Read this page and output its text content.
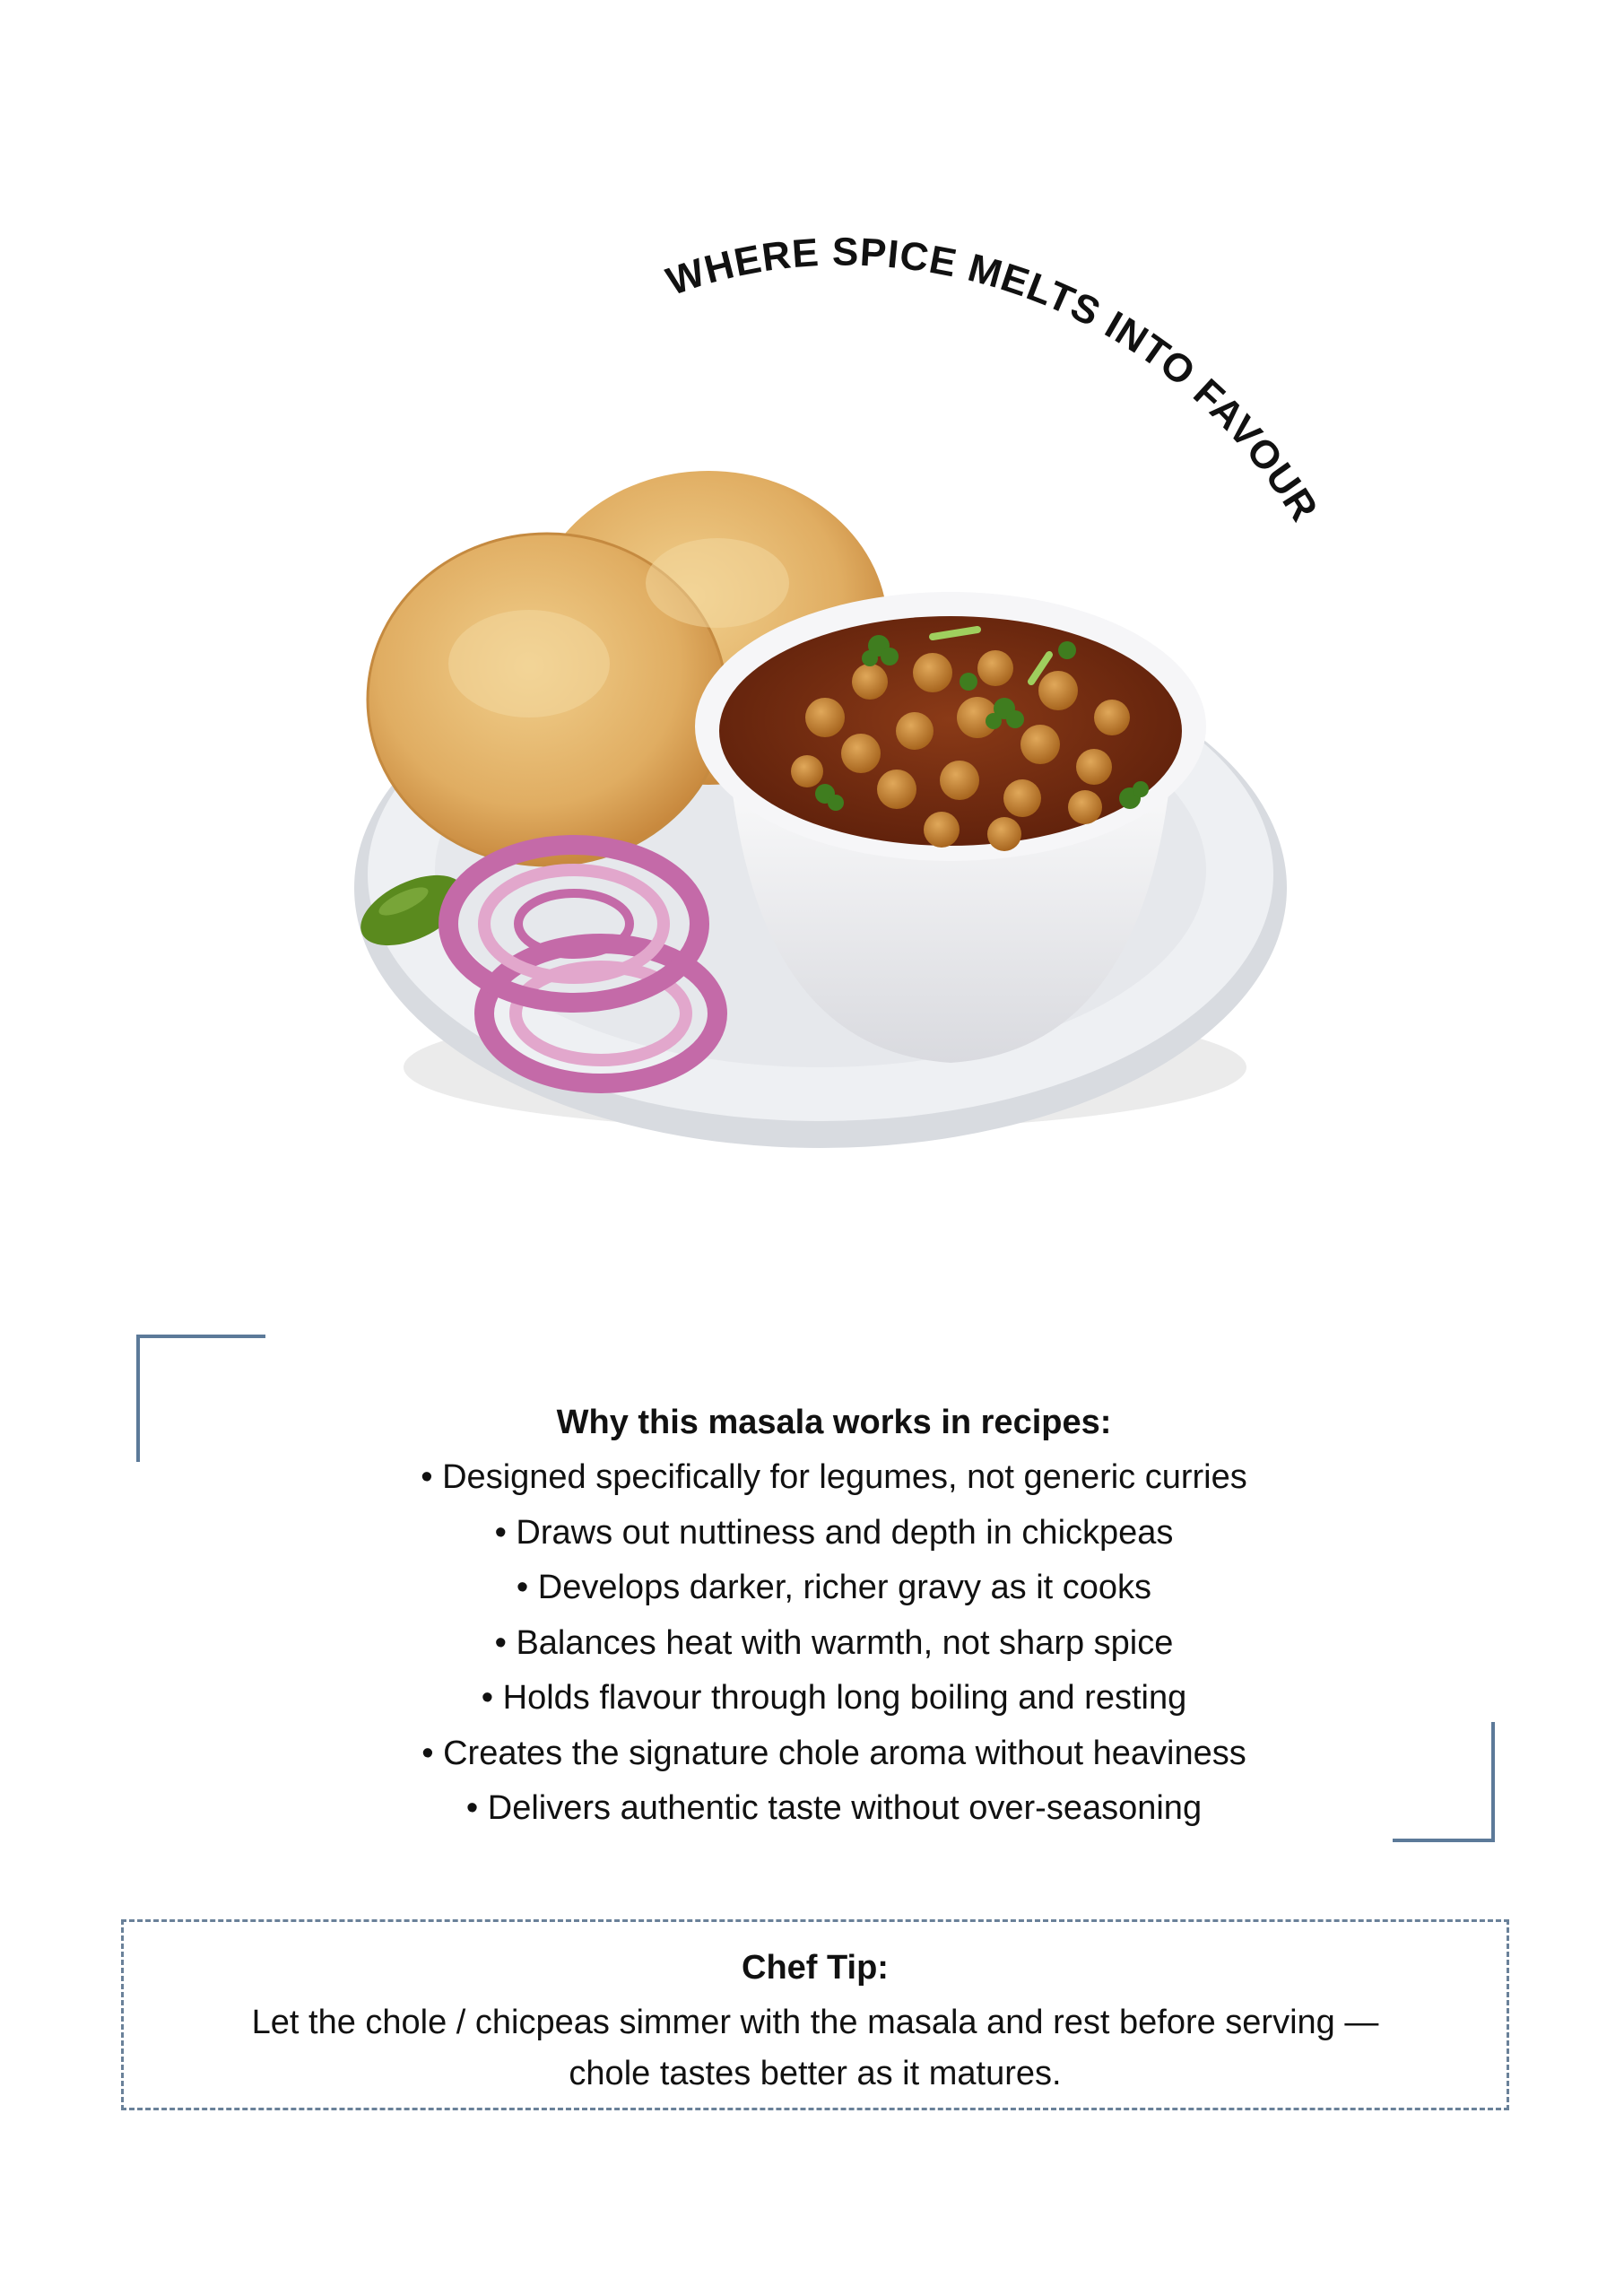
WHERE SPICE MELTS INTO FAVOUR
Why this masala works in recipes:
• Designed specifically for legumes, not generic curries
• Draws out nuttiness and depth in chickpeas
• Develops darker, richer gravy as it cooks
• Balances heat with warmth, not sharp spice
• Holds flavour through long boiling and resting
• Creates the signature chole aroma without heaviness
• Delivers authentic taste without over-seasoning
Chef Tip:
Let the chole / chicpeas simmer with the masala and rest before serving —
chole tastes better as it matures.
